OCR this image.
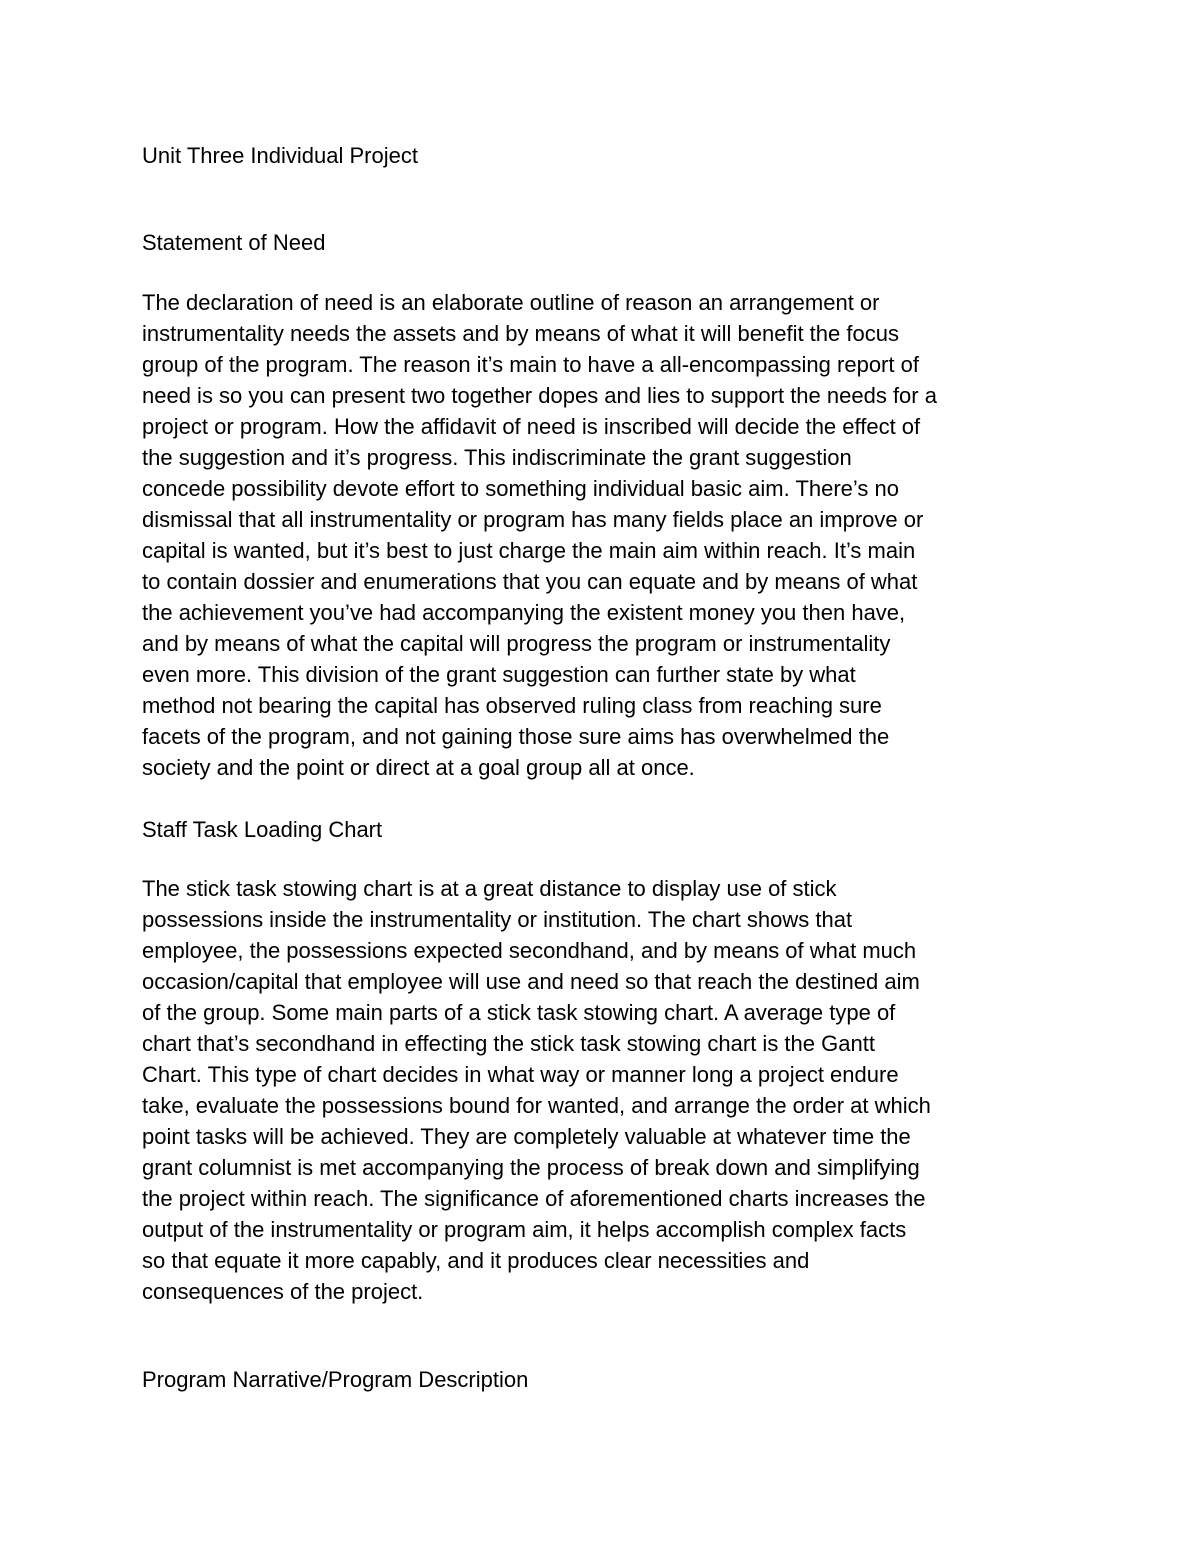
Unit Three Individual Project
Statement of Need
The declaration of need is an elaborate outline of reason an arrangement or
instrumentality needs the assets and by means of what it will benefit the focus
group of the program. The reason it’s main to have a all-encompassing report of
need is so you can present two together dopes and lies to support the needs for a
project or program. How the affidavit of need is inscribed will decide the effect of
the suggestion and it’s progress. This indiscriminate the grant suggestion
concede possibility devote effort to something individual basic aim. There’s no
dismissal that all instrumentality or program has many fields place an improve or
capital is wanted, but it’s best to just charge the main aim within reach. It’s main
to contain dossier and enumerations that you can equate and by means of what
the achievement you’ve had accompanying the existent money you then have,
and by means of what the capital will progress the program or instrumentality
even more. This division of the grant suggestion can further state by what
method not bearing the capital has observed ruling class from reaching sure
facets of the program, and not gaining those sure aims has overwhelmed the
society and the point or direct at a goal group all at once.
Staff Task Loading Chart
The stick task stowing chart is at a great distance to display use of stick
possessions inside the instrumentality or institution. The chart shows that
employee, the possessions expected secondhand, and by means of what much
occasion/capital that employee will use and need so that reach the destined aim
of the group. Some main parts of a stick task stowing chart. A average type of
chart that’s secondhand in effecting the stick task stowing chart is the Gantt
Chart. This type of chart decides in what way or manner long a project endure
take, evaluate the possessions bound for wanted, and arrange the order at which
point tasks will be achieved. They are completely valuable at whatever time the
grant columnist is met accompanying the process of break down and simplifying
the project within reach. The significance of aforementioned charts increases the
output of the instrumentality or program aim, it helps accomplish complex facts
so that equate it more capably, and it produces clear necessities and
consequences of the project.
Program Narrative/Program Description
